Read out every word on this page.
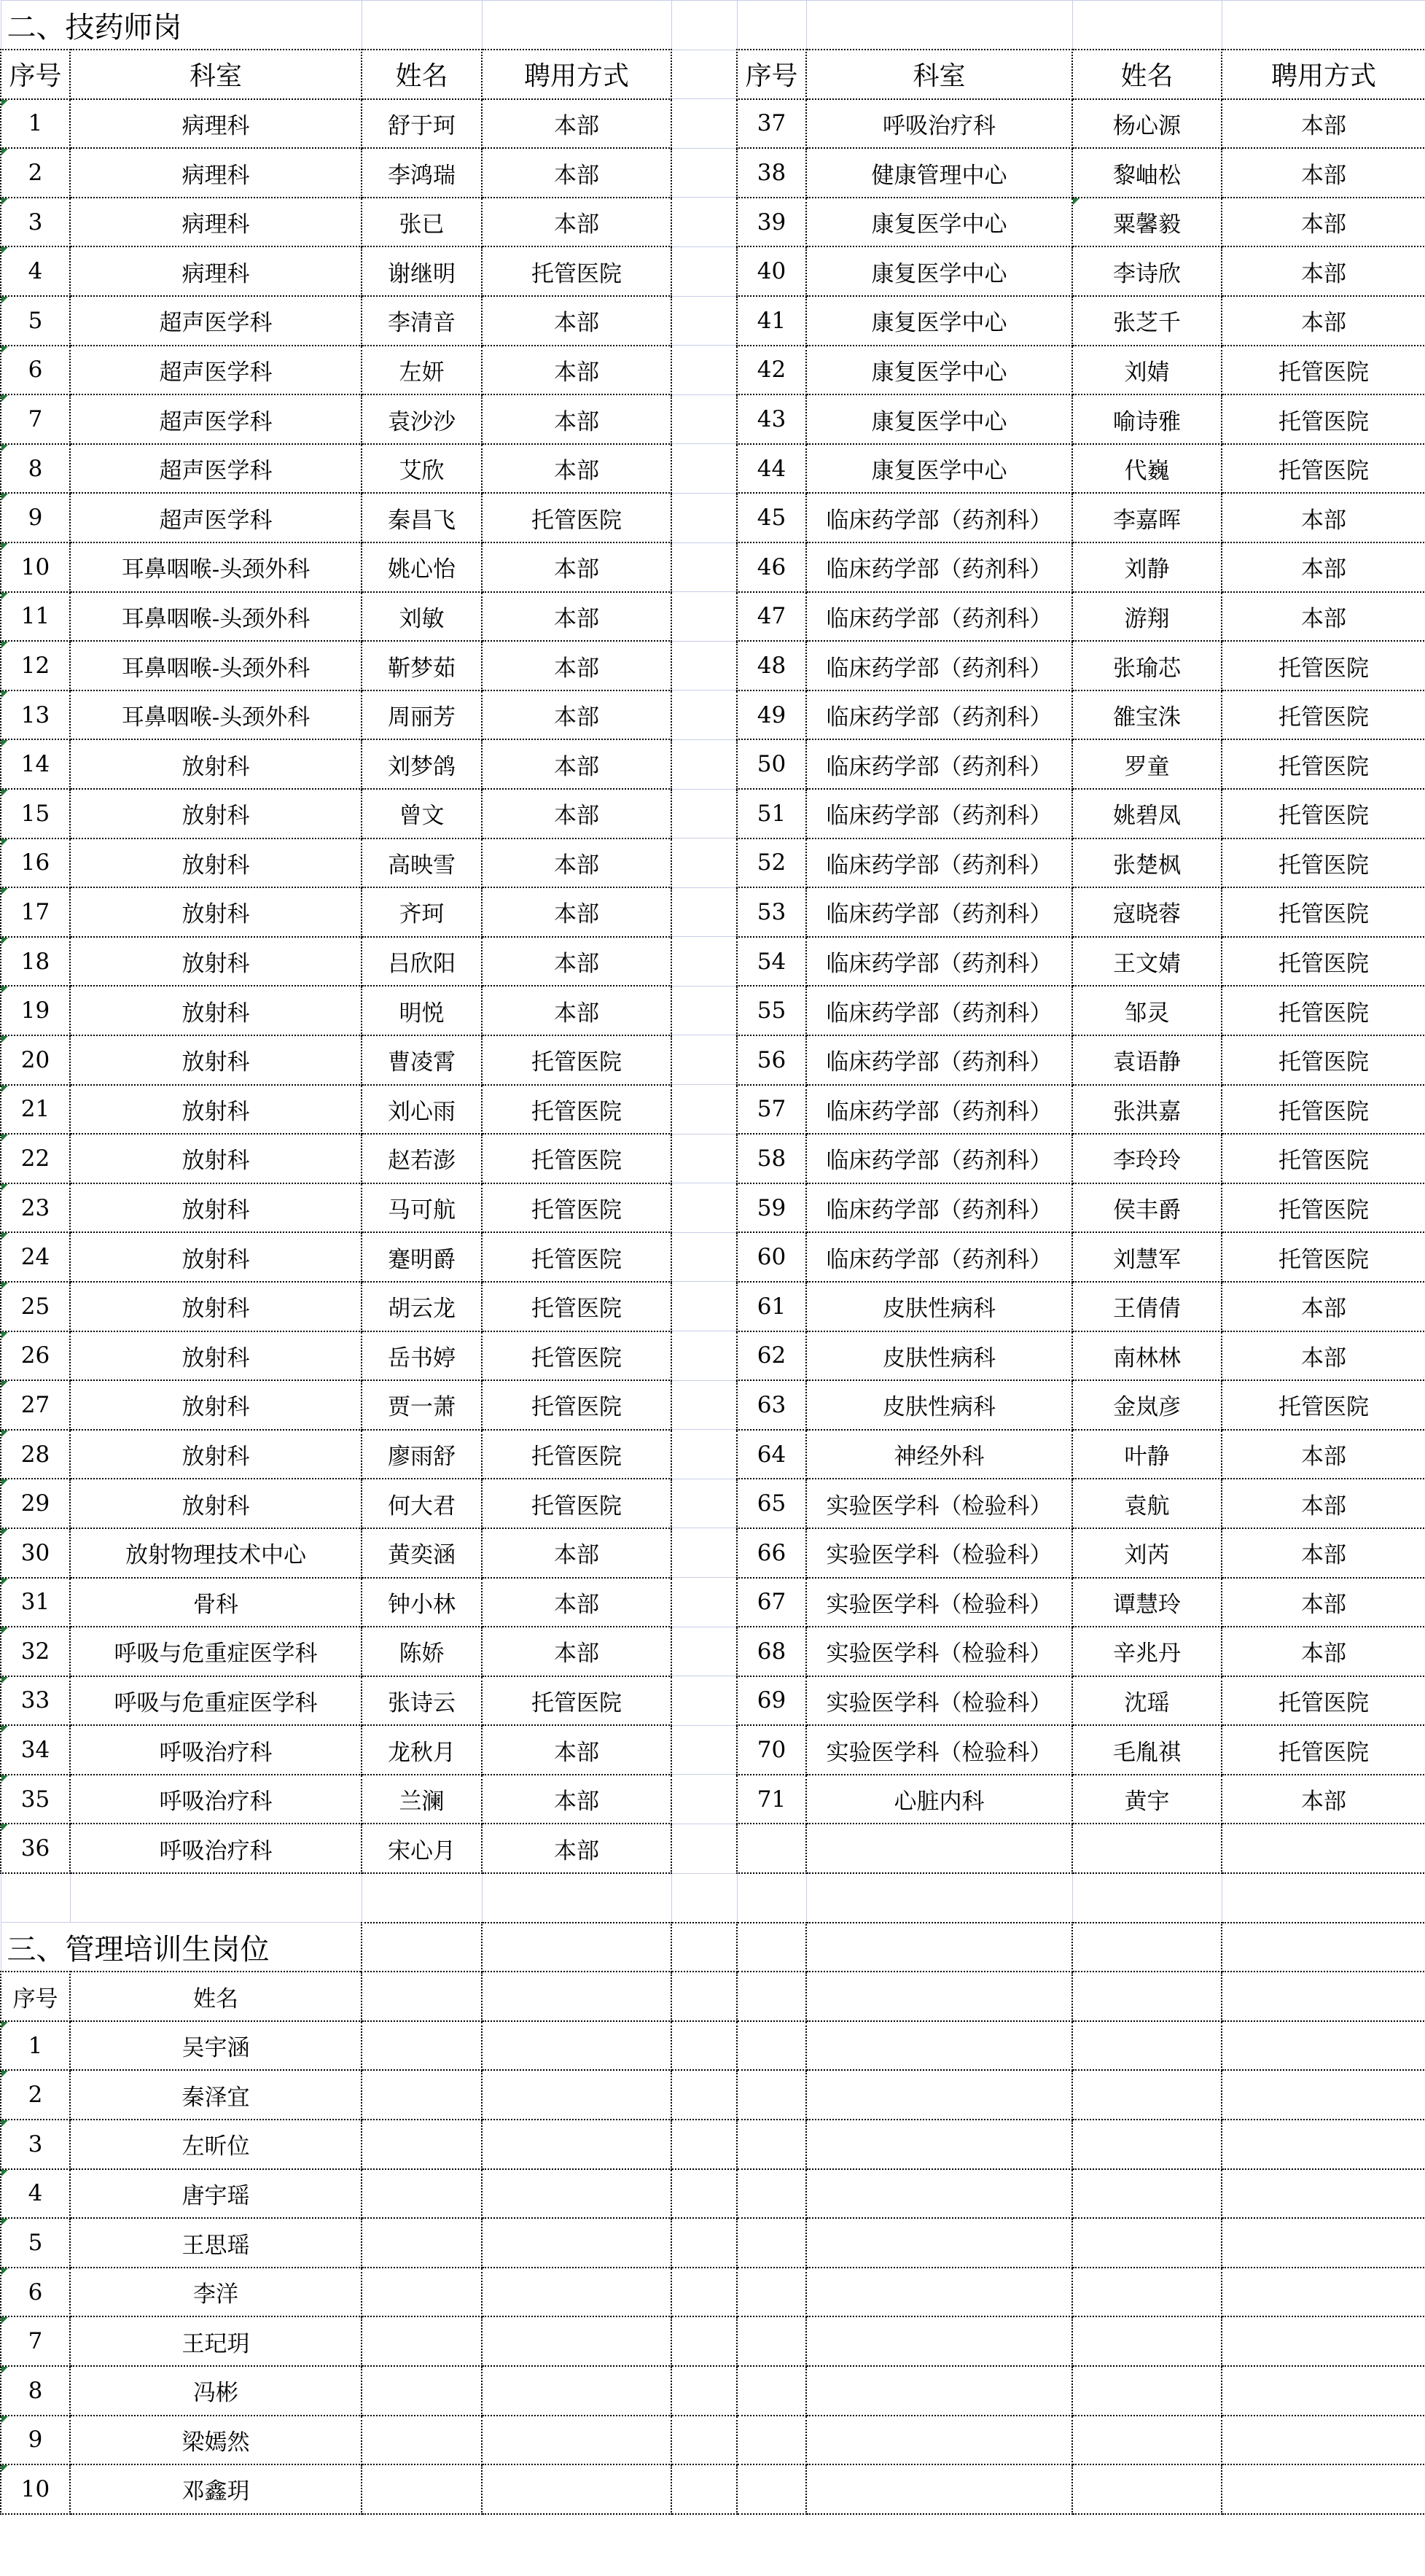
二、技药师岗								
序号	科室	姓名	聘用方式		序号	科室	姓名	聘用方式
1	病理科	舒于珂	本部		37	呼吸治疗科	杨心源	本部
2	病理科	李鸿瑞	本部		38	健康管理中心	黎岫松	本部
3	病理科	张已	本部		39	康复医学中心	粟馨毅	本部
4	病理科	谢继明	托管医院		40	康复医学中心	李诗欣	本部
5	超声医学科	李清音	本部		41	康复医学中心	张芝千	本部
6	超声医学科	左妍	本部		42	康复医学中心	刘婧	托管医院
7	超声医学科	袁沙沙	本部		43	康复医学中心	喻诗雅	托管医院
8	超声医学科	艾欣	本部		44	康复医学中心	代巍	托管医院
9	超声医学科	秦昌飞	托管医院		45	临床药学部（药剂科）	李嘉晖	本部
10	耳鼻咽喉-头颈外科	姚心怡	本部		46	临床药学部（药剂科）	刘静	本部
11	耳鼻咽喉-头颈外科	刘敏	本部		47	临床药学部（药剂科）	游翔	本部
12	耳鼻咽喉-头颈外科	靳梦茹	本部		48	临床药学部（药剂科）	张瑜芯	托管医院
13	耳鼻咽喉-头颈外科	周丽芳	本部		49	临床药学部（药剂科）	雒宝洙	托管医院
14	放射科	刘梦鸽	本部		50	临床药学部（药剂科）	罗童	托管医院
15	放射科	曾文	本部		51	临床药学部（药剂科）	姚碧凤	托管医院
16	放射科	高映雪	本部		52	临床药学部（药剂科）	张楚枫	托管医院
17	放射科	齐珂	本部		53	临床药学部（药剂科）	寇晓蓉	托管医院
18	放射科	吕欣阳	本部		54	临床药学部（药剂科）	王文婧	托管医院
19	放射科	明悦	本部		55	临床药学部（药剂科）	邹灵	托管医院
20	放射科	曹凌霄	托管医院		56	临床药学部（药剂科）	袁语静	托管医院
21	放射科	刘心雨	托管医院		57	临床药学部（药剂科）	张洪嘉	托管医院
22	放射科	赵若澎	托管医院		58	临床药学部（药剂科）	李玲玲	托管医院
23	放射科	马可航	托管医院		59	临床药学部（药剂科）	侯丰爵	托管医院
24	放射科	蹇明爵	托管医院		60	临床药学部（药剂科）	刘慧军	托管医院
25	放射科	胡云龙	托管医院		61	皮肤性病科	王倩倩	本部
26	放射科	岳书婷	托管医院		62	皮肤性病科	南林林	本部
27	放射科	贾一萧	托管医院		63	皮肤性病科	金岚彦	托管医院
28	放射科	廖雨舒	托管医院		64	神经外科	叶静	本部
29	放射科	何大君	托管医院		65	实验医学科（检验科）	袁航	本部
30	放射物理技术中心	黄奕涵	本部		66	实验医学科（检验科）	刘芮	本部
31	骨科	钟小林	本部		67	实验医学科（检验科）	谭慧玲	本部
32	呼吸与危重症医学科	陈娇	本部		68	实验医学科（检验科）	辛兆丹	本部
33	呼吸与危重症医学科	张诗云	托管医院		69	实验医学科（检验科）	沈瑶	托管医院
34	呼吸治疗科	龙秋月	本部		70	实验医学科（检验科）	毛胤祺	托管医院
35	呼吸治疗科	兰澜	本部		71	心脏内科	黄宇	本部
36	呼吸治疗科	宋心月	本部					

三、管理培训生岗位								
序号	姓名							
1	吴宇涵							
2	秦泽宜							
3	左昕位							
4	唐宇瑶							
5	王思瑶							
6	李洋							
7	王玘玥							
8	冯彬							
9	梁嫣然							
10	邓鑫玥							
